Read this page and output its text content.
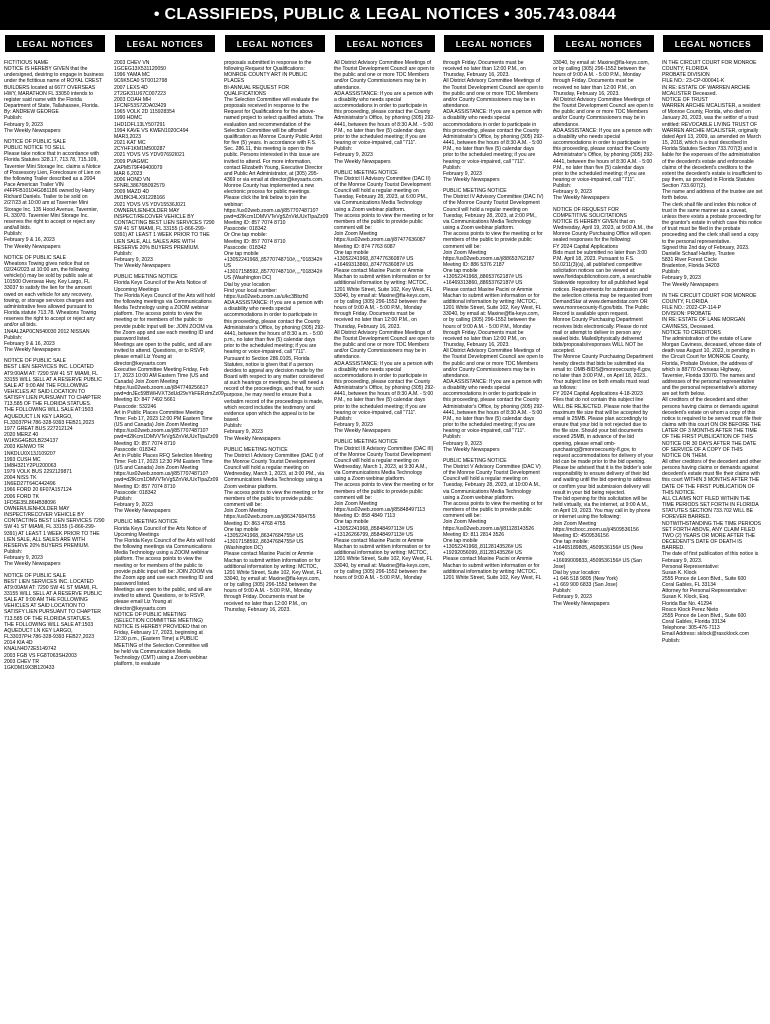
• CLASSIFIEDS, PUBLIC & LEGAL NOTICES • 305.743.0844
LEGAL NOTICES	LEGAL NOTICES	LEGAL NOTICES	LEGAL NOTICES	LEGAL NOTICES	LEGAL NOTICES	LEGAL NOTICES

FICTITIOUS NAME
NOTICE IS HEREBY GIVEN that the undersigned, desiring to engage in business under the fictitious name of ROYAL CREST BUILDERS located at 6677 OVERSEAS HWY, MARATHON FL 33050 intends to register said name with the Florida Department of State, Tallahassee, Florida.
By: ANDREW GEORGE
Publish:
February 9, 2023
The Weekly Newspapers

NOTICE OF PUBLIC SALE
PUBLIC NOTICE TO SELL
Please take notice that in accordance with Florida Statutes 328.17, 713.78, 715.109, Tavernier Mini Storage Inc. claims a Notice of Possessory Lien, Foreclosure of Lien on the following Trailer described as a 2004 Pace American Trailer VIN #4FPFB10104G081186 owned by Harry Richard Daniels. Trailer to be sold on 2/27/23 at 10:00 am at Tavernier Mini Storage Inc. 135 Hood Avenue, Tavernier, FL 33070. Tavernier Mini Storage Inc. reserves the right to accept or reject any and/all bids.
Publish:
February 9 & 16, 2023
The Weekly Newspapers

NOTICE OF PUBLIC SALE
Wheatons Towing gives notice that on 02/24/2023 at 10:00 am, the following vehicle(s) may be sold by public sale at 101500 Overseas Hwy, Key Largo, FL 33037 to satisfy the lien for the amount owed on each vehicle for any recovery, towing, or storage services charges and administrative fees allowed pursuant to Florida statute 713.78. Wheatons Towing reserves the right to accept or reject any and/or all bids.
1N4AL2AP0CN540030 2012 NISSAN
Publish:
February 9 & 16, 2023
The Weekly Newspapers

NOTICE OF PUBLIC SALE
BEST LIEN SERVICES INC. LOCATED AT9:00AM AT: 7290 SW 41 ST MIAMI, FL 33155 WILL SELL AT A RESERVE PUBLIC SALE AT 9:00 AM THE FOLLOWING VEHICLES AT SAID LOCATION TO SATISFY LIEN PURSUANT TO CHAPTER 713.585 OF THE FLORIDA STATUES.
THE FOLLOWING WILL SALE AT:1503 AQUEDUCT LN KEY LARGO, FL33037PH:786-328-9393 FEB21,2023
1977 GREAT BUS 227212124
2020 MERZ 40
W1K5G4GB2LB234137
2003 KENWO TR
1NKDLU0X13J109207
1993 CUSH MC
1M8H321Y2PU200063
1979 VOLK BUS 2292129871
2004 NISS TK
1N6ED27T64C442496
1966 FORD 20 6F07A157124
2006 FORD TK
1FDSE35L86HB38096
OWNER/LIENHOLDER MAY INSPECT/RECOVER VEHICLE BY CONTACTING BEST LIEN SERVICES 7290 SW 41 ST MIAMI, FL 33155 (1-866-299-9391) AT LEAST 1 WEEK PRIOR TO THE LIEN SALE, ALL SALES ARE WITH RESERVE 20% BUYERS PREMIUM.
Publish:
February 9, 2023
The Weekly Newspapers

NOTICE OF PUBLIC SALE
BEST LIEN SERVICES INC. LOCATED AT9:00AM AT: 7290 SW 41 ST MIAMI, FL 33155 WILL SELL AT A RESERVE PUBLIC SALE AT 9:00 AM THE FOLLOWING VEHICLES AT SAID LOCATION TO SATISFY LIEN PURSUANT TO CHAPTER 713.585 OF THE FLORIDA STATUES.
THE FOLLOWING WILL SALE AT:1503 AQUEDUCT LN KEY LARGO, FL33037PH:786-328-9393 FEB27,2023
2014 KIA 4D
KNALN4D72E5149742
2003 FGB VS FG8T063SH2003
2003 CHEV TR
1GKDM19X3B120433

2003 CHEV VN
1GCEG13X531120050
1996 YAMA MC
9C6K5CA0 ST0012798
2007 LEXS 4D
2T2GK31U67C007223
2003 COAH MH
1FCNF53S72DA03429
1965 VOLK 2D 115928354
1990 HDMC
1HD1DFL13LY507291
1994 KAVE VS KWEN1020C494
MAR3,2023
2021 KAT MC
2CYHF1KM1M500287
2021 YDVS VS YDV07692I021
2009 PVAGMC
ZAPM579F49400079
MAR 6,2023
2006 HOND VN
5FNRL38676B092579
2009 MAZD 4D
JM1BK34LX91228166
2021 YDVS VS YDV15536J021
OWNER/LIENHOLDER MAY INSPECT/RECOVER VEHICLE BY CONTACTING BEST LIEN SERVICES 7290 SW 41 ST MIAMI, FL 33155 (1-866-299-9391) AT LEAST 1 WEEK PRIOR TO THE LIEN SALE, ALL SALES ARE WITH RESERVE 20% BUYERS PREMIUM.
Publish:
February 9, 2023
The Weekly Newspapers

PUBLIC MEETING NOTICE
Florida Keys Council of the Arts Notice of Upcoming Meetings
The Florida Keys Council of the Arts will hold the following meetings via Communications Media Technology using a ZOOM webinar platform. The access points to view the meeting or for members of the public to provide public input will be: JOIN ZOOM via the Zoom app and use each meeting ID and password listed.
Meetings are open to the public, and all are invited to attend. Questions, or to RSVP, please email Liz Young at director@keysarts.com
Executive Committee Meeting Friday, Feb 17, 2023 10:00 AM Eastern Time (US and Canada) Join Zoom Meeting https://us02web.zoom.us/j/84774925661?pwd=dnJEc59BWHVXT3dUd29vYkFERzlmZz09
Meeting ID: 847 7492 5661
Passcode: 532246
Art in Public Places Committee Meeting
Time: Feb 17, 2023 12:00 PM Eastern Time (US and Canada) Join Zoom Meeting https://us02web.zoom.us/j/85770748710?pwd=d2lKcm1DMVVTeVg5ZnVkUUxTlpaZz09
Meeting ID: 857 7074 8710
Passcode: 018342
Art in Public Places RFQ Selection Meeting
Time: Feb 17, 2023 12:30 PM Eastern Time (US and Canada) Join Zoom Meeting https://us02web.zoom.us/j/85770748710?pwd=d2lKcm1DMVVTeVg5ZnVkUUxTlpaZz09
Meeting ID: 857 7074 8710
Passcode: 018342
Publish:
February 9, 2023
The Weekly Newspapers

PUBLIC MEETING NOTICE
Florida Keys Council of the Arts Notice of Upcoming Meetings
The Florida Keys Council of the Arts will hold the following meetings via Communications Media Technology using a ZOOM webinar platform. The access points to view the meeting or for members of the public to provide public input will be: JOIN ZOOM via the Zoom app and use each meeting ID and password listed.
Meetings are open to the public, and all are invited to attend. Questions, or to RSVP, please email Liz Young at director@keysarts.com
NOTICE OF PUBLIC MEETING (SELECTION COMMITTEE MEETING)
NOTICE IS HEREBY PROVIDED that on Friday, February 17, 2023, beginning at 12:30 p.m., (Eastern Time) a PUBLIC MEETING of the Selection Committee will be held via Communication Media Technology (CMT) using a Zoom webinar platform, to evaluate

proposals submitted in response to the following Request for Qualifications:
MONROE COUNTY ART IN PUBLIC PLACES
BI-ANNUAL REQUEST FOR QUALIFICATIONS
The Selection Committee will evaluate the proposals received in response to the Request for Qualifications for the above-named project to select qualified artists. The evaluation and recommendation of the Selection Committee will be afforded qualification as Monroe County Public Artist for five (5) years. In accordance with F.S. Sec. 286.11, this meeting is open to the public. Persons interested in this issue are invited to attend. For more information, contact Elizabeth Young, Executive Director and Public Art Administrator, at (305) 295-4369 or via email at director@keysarts.com.
Monroe County has implemented a new electronic process for public meetings. Please click the link below to join the webinar:
https://us02web.zoom.us/j/85770748710?pwd=d2lKcm1DMVVTeVg5ZnVkUUxTlpaZz09
Meeting ID: 857 7074 8710
Passcode: 018342
Or One tap mobile:
Meeting ID: 857 7074 8710
Passcode: 018342
One tap mobile
+13052241968,,85770748710#,,,,*018342# US
+13017158592,,85770748710#,,,,*018342# US (Washington DC)
Dial by your location
Find your local number: https://us02web.zoom.us/u/kc3Bbzh0
ADA ASSISTANCE: If you are a person with a disability who needs special accommodations in order to participate in this proceeding, please contact the County Administrator's Office, by phoning (305) 292-4441, between the hours of 8:30 a.m. - 5:00 p.m., no later than five (5) calendar days prior to the scheduled meeting; if you are hearing or voice-impaired, call "711".
Pursuant to Section 286.0105, Florida Statutes, notice is given that if a person decides to appeal any decision made by the Board with respect to any matter considered at such hearings or meetings, he will need a record of the proceedings, and that, for such purpose, he may need to ensure that a verbatim record of the proceedings is made, which record includes the testimony and evidence upon which the appeal is to be based.
Publish:
February 9, 2023
The Weekly Newspapers

PUBLIC MEETING NOTICE
The District I Advisory Committee (DAC I) of the Monroe County Tourist Development Council will hold a regular meeting on Wednesday, March 1, 2023, at 3:00 PM., via Communications Media Technology using a Zoom webinar platform.
The access points to view the meeting or for members of the public to provide public comment will be:
Join Zoom Meeting
https://us02web.zoom.us/j/86347684755
Meeting ID: 863 4768 4755
One tap mobile
+13052241968,,86347684755# US
+13017158592,,86347684755# US (Washington DC)
Please contact Maxine Pacini or Ammie Machan to submit written information or for additional information by writing: MCTDC, 1201 White Street, Suite 102, Key West, FL 33040, by email at: Maxine@fla-keys.com, or by calling (305) 296-1552 between the hours of 9:00 A.M. - 5:00 P.M., Monday through Friday. Documents must be received no later than 12:00 P.M., on Thursday, February 16, 2023.

All District Advisory Committee Meetings of the Tourist Development Council are open to the public and one or more TDC Members and/or County Commissioners may be in attendance.
ADA ASSISTANCE: If you are a person with a disability who needs special accommodations in order to participate in this proceeding, please contact the County Administrator's Office, by phoning (305) 292-4441, between the hours of 8:30 A.M. - 5:00 P.M., no later than five (5) calendar days prior to the scheduled meeting; if you are hearing or voice-impaired, call "711".
Publish:
February 9, 2023
The Weekly Newspapers

PUBLIC MEETING NOTICE
The District II Advisory Committee (DAC II) of the Monroe County Tourist Development Council will hold a regular meeting on Tuesday, February 28, 2023, at 6:00 PM., via Communications Media Technology using a Zoom webinar platform.
The access points to view the meeting or for members of the public to provide public comment will be:
Join Zoom Meeting
https://us02web.zoom.us/j/87477636087
Meeting ID: 874 7763 6087
One tap mobile
+13052241968,,87477636087# US
+16469313860,,87477636087# US
Please contact Maxine Pacini or Ammie Machan to submit written information or for additional information by writing: MCTDC, 1201 White Street, Suite 102, Key West, FL 33040, by email at: Maxine@fla-keys.com, or by calling (305) 296-1552 between the hours of 9:00 A.M. - 5:00 P.M., Monday through Friday. Documents must be received no later than 12:00 P.M., on Thursday, February 16, 2023.
All District Advisory Committee Meetings of the Tourist Development Council are open to the public and one or more TDC Members and/or County Commissioners may be in attendance.
ADA ASSISTANCE: If you are a person with a disability who needs special accommodations in order to participate in this proceeding, please contact the County Administrator's Office, by phoning (305) 292-4441, between the hours of 8:30 A.M. - 5:00 P.M., no later than five (5) calendar days prior to the scheduled meeting; if you are hearing or voice-impaired, call "711".
Publish:
February 9, 2023
The Weekly Newspapers

PUBLIC MEETING NOTICE
The District III Advisory Committee (DAC III) of the Monroe County Tourist Development Council will hold a regular meeting on Wednesday, March 1, 2023, at 9:30 A.M., via Communications Media Technology using a Zoom webinar platform.
The access points to view the meeting or for members of the public to provide public comment will be:
Join Zoom Meeting
https://us02web.zoom.us/j/85848497113
Meeting ID: 858 4849 7113
One tap mobile
+13052241968,,85848497113# US
+13126266799,,85848497113# US
Please contact Maxine Pacini or Ammie Machan to submit written information or for additional information by writing: MCTDC, 1201 White Street, Suite 102, Key West, FL 33040, by email at: Maxine@fla-keys.com, or by calling (305) 296-1552 between the hours of 9:00 A.M. - 5:00 P.M., Monday

through Friday. Documents must be received no later than 12:00 P.M., on Thursday, February 16, 2023.
All District Advisory Committee Meetings of the Tourist Development Council are open to the public and one or more TDC Members and/or County Commissioners may be in attendance.
ADA ASSISTANCE: If you are a person with a disability who needs special accommodations in order to participate in this proceeding, please contact the County Administrator's Office, by phoning (305) 292-4441, between the hours of 8:30 A.M. - 5:00 P.M., no later than five (5) calendar days prior to the scheduled meeting; if you are hearing or voice-impaired, call "711".
Publish:
February 9, 2023
The Weekly Newspapers

PUBLIC MEETING NOTICE
The District IV Advisory Committee (DAC IV) of the Monroe County Tourist Development Council will hold a regular meeting on Tuesday, February 28, 2023, at 2:00 PM., via Communications Media Technology using a Zoom webinar platform.
The access points to view the meeting or for members of the public to provide public comment will be:
Join Zoom Meeting
https://us02web.zoom.us/j/88653762187
Meeting ID: 886 5376 2187
One tap mobile
+13052241968,,88653762187# US
+16469313860,,88653762187# US
Please contact Maxine Pacini or Ammie Machan to submit written information or for additional information by writing: MCTDC, 1201 White Street, Suite 102, Key West, FL 33040, by email at: Maxine@fla-keys.com, or by calling (305) 296-1552 between the hours of 9:00 A.M. - 5:00 P.M., Monday through Friday. Documents must be received no later than 12:00 P.M., on Thursday, February 16, 2023.
All District Advisory Committee Meetings of the Tourist Development Council are open to the public and one or more TDC Members and/or County Commissioners may be in attendance.
ADA ASSISTANCE: If you are a person with a disability who needs special accommodations in order to participate in this proceeding, please contact the County Administrator's Office, by phoning (305) 292-4441, between the hours of 8:30 A.M. - 5:00 P.M., no later than five (5) calendar days prior to the scheduled meeting; if you are hearing or voice-impaired, call "711".
Publish:
February 9, 2023
The Weekly Newspapers

PUBLIC MEETING NOTICE
The District V Advisory Committee (DAC V) of the Monroe County Tourist Development Council will hold a regular meeting on Tuesday, February 28, 2023, at 10:00 A.M., via Communications Media Technology using a Zoom webinar platform.
The access points to view the meeting or for members of the public to provide public comment will be:
Join Zoom Meeting
https://us02web.zoom.us/j/81128143526
Meeting ID: 811 2814 3526
One tap mobile
+13052241968,,81128143526# US
+19292056099,,81128143526# US
Please contact Maxine Pacini or Ammie Machan to submit written information or for additional information by writing: MCTDC, 1201 White Street, Suite 102, Key West, FL

33040, by email at: Maxine@fla-keys.com, or by calling (305) 296-1552 between the hours of 9:00 A.M. - 5:00 P.M., Monday through Friday. Documents must be received no later than 12:00 P.M., on Thursday, February 16, 2023.
All District Advisory Committee Meetings of the Tourist Development Council are open to the public and one or more TDC Members and/or County Commissioners may be in attendance.
ADA ASSISTANCE: If you are a person with a disability who needs special accommodations in order to participate in this proceeding, please contact the County Administrator's Office, by phoning (305) 292-4441, between the hours of 8:30 A.M. - 5:00 P.M., no later than five (5) calendar days prior to the scheduled meeting; if you are hearing or voice-impaired, call "711".
Publish:
February 9, 2023
The Weekly Newspapers

NOTICE OF REQUEST FOR COMPETITIVE SOLICITATIONS
NOTICE IS HEREBY GIVEN that on Wednesday, April 19, 2023, at 9:00 A.M., the Monroe County Purchasing Office will open sealed responses for the following:
FY 2024 Capital Applications
Bids must be submitted no later than 3:00 P.M. April 18, 2023. Pursuant to F.S. 50.0211(3)(a), all published competitive solicitation notices can be viewed at: www.floridapublicnotices.com, a searchable Statewide repository for all published legal notices. Requirements for submission and the selection criteria may be requested from DemandStar at www.demandstar.com OR www.monroecounty-fl.gov/bids. The Public Record is available upon request.
Monroe County Purchasing Department receives bids electronically. Please do not mail or attempt to deliver in person any sealed bids. Mailed/physically delivered bids/proposals/responses WILL NOT be accepted.
The Monroe County Purchasing Department hereby directs that bids be submitted via email to: OMB-BIDS@monroecounty-fl.gov, no later than 3:00 P.M., on April 18, 2023.. Your subject line on both emails must read as follows:
FY 2024 Capital Applications 4-18-2023
Files that do not contain this subject line WILL BE REJECTED. Please note that the maximum file size that will be accepted by email is 25MB. Please plan accordingly to ensure that your bid is not rejected due to the file size. Should your bid documents exceed 25MB, in advance of the bid opening, please email omb-purchasing@monroecounty-fl.gov, to request accommodations for delivery of your bid can be made prior to the bid opening. Please be advised that it is the bidder's sole responsibility to ensure delivery of their bid and waiting until the bid opening to address or confirm your bid submission delivery will result in your bid being rejected.
The bid opening for this solicitation will be held virtually, via the internet, at 9:00 A.M., on April 19, 2023. You may call in by phone or internet using the following:
Join Zoom Meeting
https://mcbocc.zoom.us/j/4509536156
Meeting ID: 4509536156
One tap mobile:
+16465189805,,4509536156# US (New York)
+16699009833,,4509536156# US (San Jose)
Dial by your location:
+1 646 518 9805 (New York)
+1 669 900 6833 (San Jose)
Publish:
February 9, 2023
The Weekly Newspapers

IN THE CIRCUIT COURT FOR MONROE COUNTY, FLORIDA
PROBATE DIVISION
FILE NO.: 23-CP-000041-K
IN RE: ESTATE OF WARREN ARCHIE MCALISTER Deceased.
NOTICE OF TRUST
WARREN ARCHIE MCALISTER, a resident of Monroe County, Florida, who died on January 20, 2023, was the settlor of a trust entitled: REVOCABLE LIVING TRUST OF WARREN ARCHIE MCALISTER, originally dated April 13, 2009, as amended on March 15, 2018, which is a trust described in Florida Statutes Section 733.707(3) and is liable for the expenses of the administration of the decedent's estate and enforceable claims of the decedent's creditors to the extent the decedent's estate is insufficient to pay them, as provided in Florida Statutes Section 733.607(2).
The name and address of the trustee are set forth below.
The clerk shall file and index this notice of trust in the same manner as a caveat, unless there exists a probate proceeding for the grantor's estate in which case this notice of trust must be filed in the probate proceeding and the clerk shall send a copy to the personal representative.
Signed this 2nd day of February, 2023.
Danielle Schaaf Hartley, Trustee
5831 River Forest Circle
Bradenton, Florida 34203
Publish:
February 9, 2023
The Weekly Newspapers

IN THE CIRCUIT COURT FOR MONROE COUNTY, FLORIDA
FILE NO.: 2022-CP-114-P
DIVISION: PROBATE
IN RE: ESTATE OF LANE MORGAN CAVINESS, Deceased.
NOTICE TO CREDITORS
The administration of the estate of Lane Morgan Caviness, deceased, whose date of death was August 10, 2022, is pending in the Circuit Court for MONROE County, Florida, Probate Division, the address of which is 88770 Overseas Highway, Tavernier, Florida 33070. The names and addresses of the personal representative and the personal representative's attorney are set forth below.
All creditors of the decedent and other persons having claims or demands against decedent's estate on whom a copy of this notice is required to be served must file their claims with this court ON OR BEFORE THE LATER OF 3 MONTHS AFTER THE TIME OF THE FIRST PUBLICATION OF THIS NOTICE OR 30 DAYS AFTER THE DATE OF SERVICE OF A COPY OF THIS NOTICE ON THEM.
All other creditors of the decedent and other persons having claims or demands against decedent's estate must file their claims with this court WITHIN 3 MONTHS AFTER THE DATE OF THE FIRST PUBLICATION OF THIS NOTICE.
ALL CLAIMS NOT FILED WITHIN THE TIME PERIODS SET FORTH IN FLORIDA STATUTES SECTION 733.702 WILL BE FOREVER BARRED.
NOTWITHSTANDING THE TIME PERIODS SET FORTH ABOVE, ANY CLAIM FILED TWO (2) YEARS OR MORE AFTER THE DECEDENT'S DATE OF DEATH IS BARRED.
The date of first publication of this notice is February 9, 2023.
Personal Representative:
Susan K. Klock
2555 Ponce de Leon Blvd., Suite 600
Coral Gables, FL 33134
Attorney for Personal Representative:
Susan K. Klock, Esq.
Florida Bar No. 41294
Rosco Klock Perez Nieto
2555 Ponce de Leon Blvd., Suite 600
Coral Gables, Florida 33134
Telephone: 305-476-7113
Email Address: sklock@rascklock.com
Publish:
